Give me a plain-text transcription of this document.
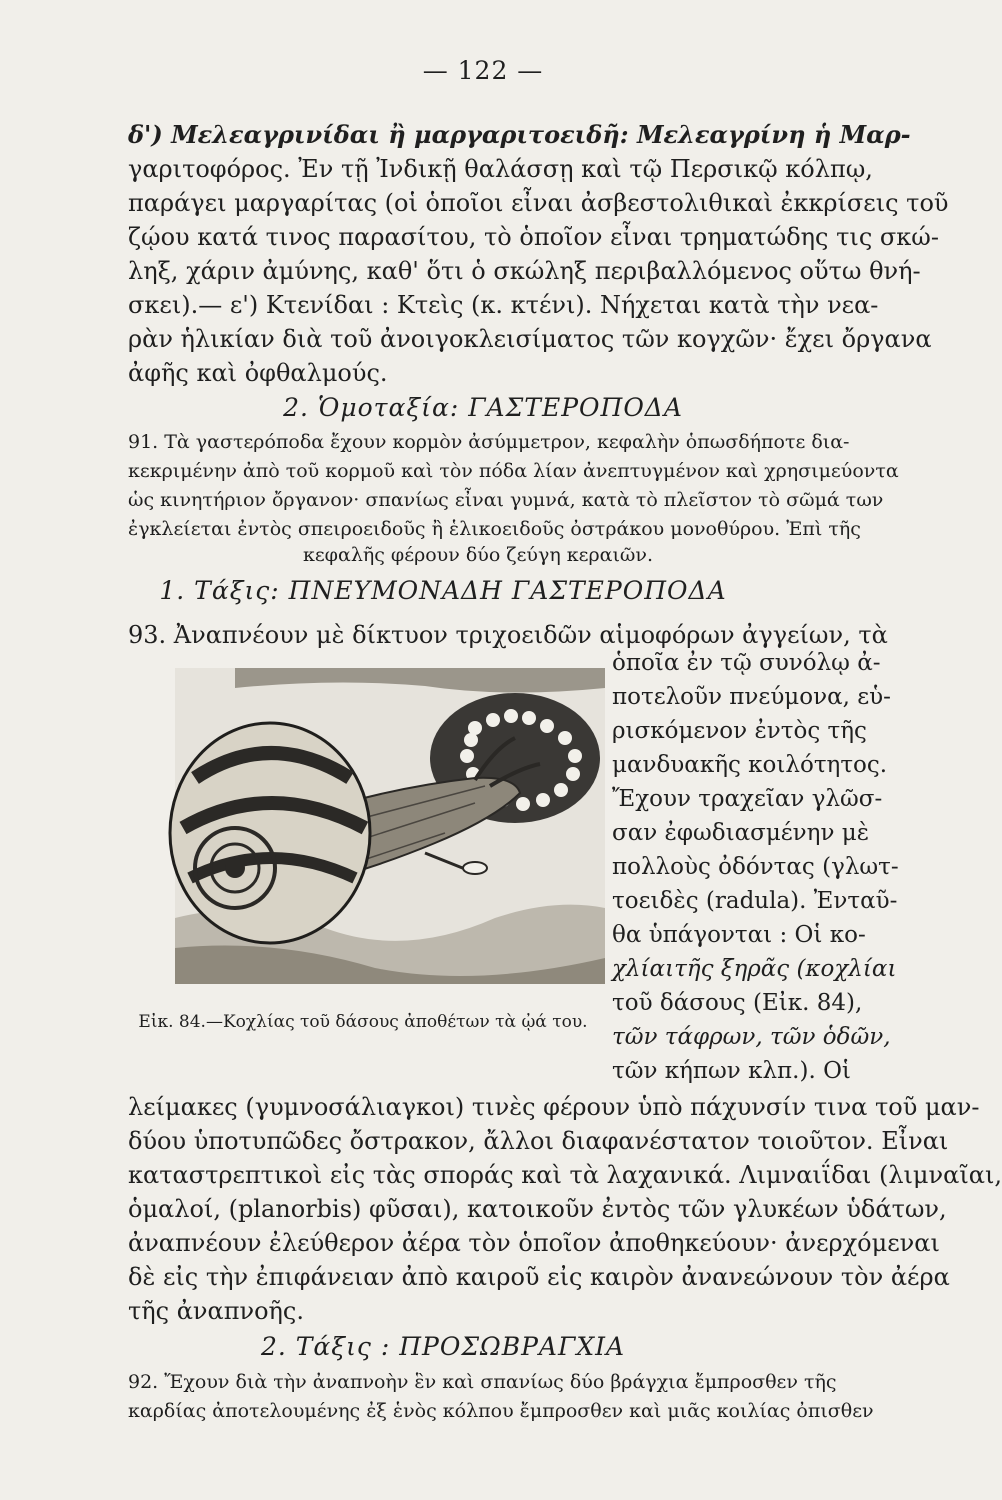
— 122 —
δ') Μελεαγρινίδαι ἢ μαργαριτοειδῆ: Μελεαγρίνη ἡ Μαρ-
γαριτοφόρος. Ἐν τῇ Ἰνδικῇ θαλάσσῃ καὶ τῷ Περσικῷ κόλπῳ,
παράγει μαργαρίτας (οἱ ὁποῖοι εἶναι ἀσβεστολιθικαὶ ἐκκρίσεις τοῦ
ζῴου κατά τινος παρασίτου, τὸ ὁποῖον εἶναι τρηματώδης τις σκώ-
ληξ, χάριν ἀμύνης, καθ' ὅτι ὁ σκώληξ περιβαλλόμενος οὕτω θνή-
σκει).— ε') Κτενίδαι : Κτεὶς (κ. κτένι). Νήχεται κατὰ τὴν νεα-
ρὰν ἡλικίαν διὰ τοῦ ἀνοιγοκλεισίματος τῶν κογχῶν· ἔχει ὄργανα
ἀφῆς καὶ ὀφθαλμούς.
2. Ὁμοταξία: ΓΑΣΤΕΡΟΠΟΔΑ
91. Τὰ γαστερόποδα ἔχουν κορμὸν ἀσύμμετρον, κεφαλὴν ὁπωσδήποτε δια-
κεκριμένην ἀπὸ τοῦ κορμοῦ καὶ τὸν πόδα λίαν ἀνεπτυγμένον καὶ χρησιμεύοντα
ὡς κινητήριον ὄργανον· σπανίως εἶναι γυμνά, κατὰ τὸ πλεῖστον τὸ σῶμά των
ἐγκλείεται ἐντὸς σπειροειδοῦς ἢ ἑλικοειδοῦς ὀστράκου μονοθύρου. Ἐπὶ τῆς
κεφαλῆς φέρουν δύο ζεύγη κεραιῶν.
1. Τάξις: ΠΝΕΥΜΟΝΑΔΗ ΓΑΣΤΕΡΟΠΟΔΑ
93. Ἀναπνέουν μὲ δίκτυον τριχοειδῶν αἱμοφόρων ἀγγείων, τὰ
Εἰκ. 84.—Κοχλίας τοῦ δάσους ἀποθέτων τὰ ᾠά του.
ὁποῖα ἐν τῷ συνόλῳ ἀ-
ποτελοῦν πνεύμονα, εὑ-
ρισκόμενον ἐντὸς τῆς
μανδυακῆς κοιλότητος.
Ἔχουν τραχεῖαν γλῶσ-
σαν ἐφωδιασμένην μὲ
πολλοὺς ὀδόντας (γλωτ-
τοειδὲς (radula). Ἐνταῦ-
θα ὑπάγονται : Οἱ κο-
χλίαιτῆς ξηρᾶς (κοχλίαι
τοῦ δάσους (Εἰκ. 84),
τῶν τάφρων, τῶν ὁδῶν,
τῶν κήπων κλπ.). Οἱ
λείμακες (γυμνοσάλιαγκοι) τινὲς φέρουν ὑπὸ πάχυνσίν τινα τοῦ μαν-
δύου ὑποτυπῶδες ὄστρακον, ἄλλοι διαφανέστατον τοιοῦτον. Εἶναι
καταστρεπτικοὶ εἰς τὰς σποράς καὶ τὰ λαχανικά. Λιμναιΐδαι (λιμναῖαι,
ὁμαλοί, (planorbis) φῦσαι), κατοικοῦν ἐντὸς τῶν γλυκέων ὑδάτων,
ἀναπνέουν ἐλεύθερον ἀέρα τὸν ὁποῖον ἀποθηκεύουν· ἀνερχόμεναι
δὲ εἰς τὴν ἐπιφάνειαν ἀπὸ καιροῦ εἰς καιρὸν ἀνανεώνουν τὸν ἀέρα
τῆς ἀναπνοῆς.
2. Τάξις : ΠΡΟΣΩΒΡΑΓΧΙΑ
92. Ἔχουν διὰ τὴν ἀναπνοὴν ἓν καὶ σπανίως δύο βράγχια ἔμπροσθεν τῆς
καρδίας ἀποτελουμένης ἐξ ἑνὸς κόλπου ἔμπροσθεν καὶ μιᾶς κοιλίας ὀπισθεν
